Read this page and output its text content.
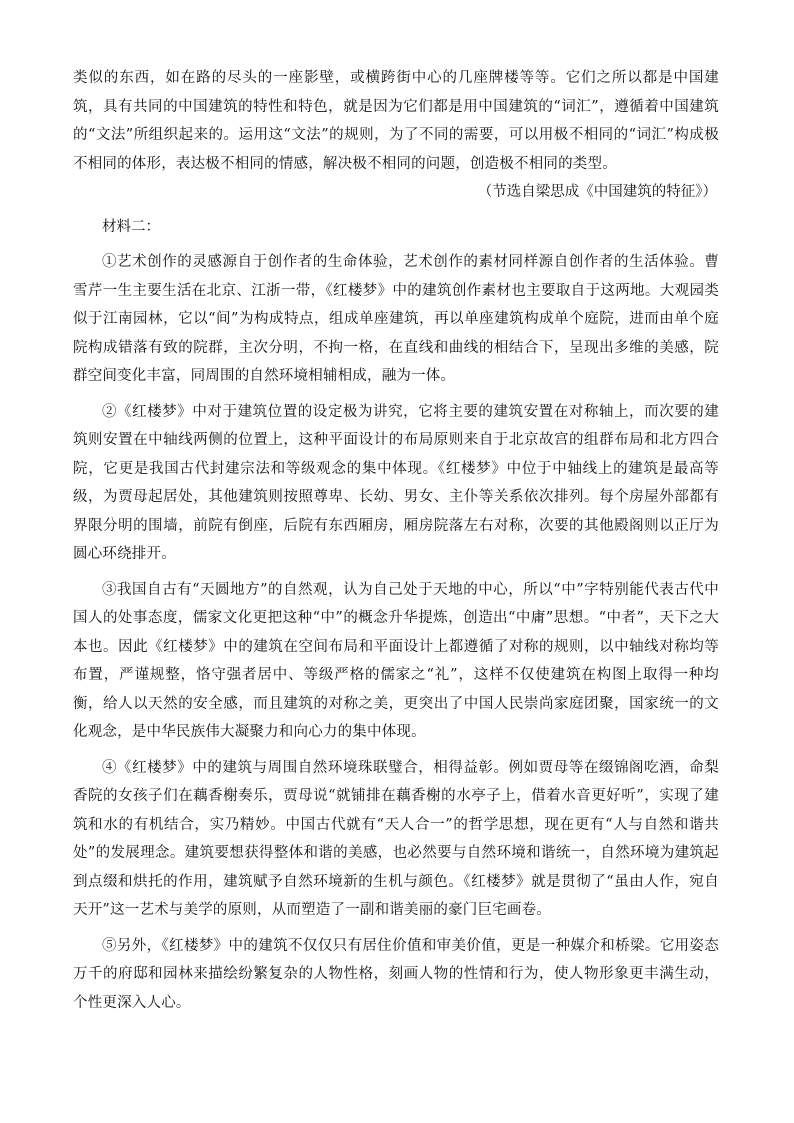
类似的东西，如在路的尽头的一座影壁，或横跨街中心的几座牌楼等等。它们之所以都是中国建筑，具有共同的中国建筑的特性和特色，就是因为它们都是用中国建筑的“词汇”，遵循着中国建筑的“文法”所组织起来的。运用这“文法”的规则，为了不同的需要，可以用极不相同的“词汇”构成极不相同的体形，表达极不相同的情感，解决极不相同的问题，创造极不相同的类型。

（节选自梁思成《中国建筑的特征》）

材料二：

①艺术创作的灵感源自于创作者的生命体验，艺术创作的素材同样源自创作者的生活体验。曹雪芹一生主要生活在北京、江浙一带，《红楼梦》中的建筑创作素材也主要取自于这两地。大观园类似于江南园林，它以“间”为构成特点，组成单座建筑，再以单座建筑构成单个庭院，进而由单个庭院构成错落有致的院群，主次分明，不拘一格，在直线和曲线的相结合下，呈现出多维的美感，院群空间变化丰富，同周围的自然环境相辅相成，融为一体。

②《红楼梦》中对于建筑位置的设定极为讲究，它将主要的建筑安置在对称轴上，而次要的建筑则安置在中轴线两侧的位置上，这种平面设计的布局原则来自于北京故宫的组群布局和北方四合院，它更是我国古代封建宗法和等级观念的集中体现。《红楼梦》中位于中轴线上的建筑是最高等级，为贾母起居处，其他建筑则按照尊卑、长幼、男女、主仆等关系依次排列。每个房屋外部都有界限分明的围墙，前院有倒座，后院有东西厢房，厢房院落左右对称，次要的其他殿阁则以正厅为圆心环绕排开。

③我国自古有“天圆地方”的自然观，认为自己处于天地的中心，所以“中”字特别能代表古代中国人的处事态度，儒家文化更把这种“中”的概念升华提炼，创造出“中庸”思想。“中者”，天下之大本也。因此《红楼梦》中的建筑在空间布局和平面设计上都遵循了对称的规则，以中轴线对称均等布置，严谨规整，恪守强者居中、等级严格的儒家之“礼”，这样不仅使建筑在构图上取得一种均衡，给人以天然的安全感，而且建筑的对称之美，更突出了中国人民崇尚家庭团聚，国家统一的文化观念，是中华民族伟大凝聚力和向心力的集中体现。

④《红楼梦》中的建筑与周围自然环境珠联璧合，相得益彰。例如贾母等在缀锦阁吃酒，命梨香院的女孩子们在藕香榭奏乐，贾母说“就铺排在藕香榭的水亭子上，借着水音更好听”，实现了建筑和水的有机结合，实乃精妙。中国古代就有“天人合一”的哲学思想，现在更有“人与自然和谐共处”的发展理念。建筑要想获得整体和谐的美感，也必然要与自然环境和谐统一，自然环境为建筑起到点缀和烘托的作用，建筑赋予自然环境新的生机与颜色。《红楼梦》就是贯彻了“虽由人作，宛自天开”这一艺术与美学的原则，从而塑造了一副和谐美丽的豪门巨宅画卷。

⑤另外，《红楼梦》中的建筑不仅仅只有居住价值和审美价值，更是一种媒介和桥梁。它用姿态万千的府邸和园林来描绘纷繁复杂的人物性格，刻画人物的性情和行为，使人物形象更丰满生动，个性更深入人心。
